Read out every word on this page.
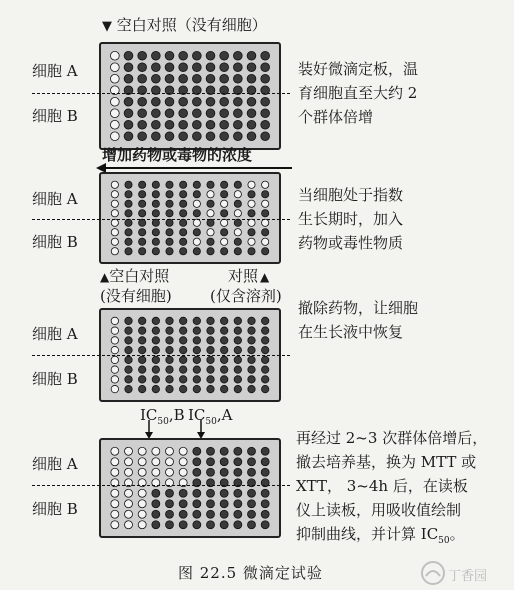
▼ 空白对照（没有细胞）
细胞 A
细胞 B
装好微滴定板，温
育细胞直至大约 2
个群体倍增
增加药物或毒物的浓度
细胞 A
细胞 B
当细胞处于指数
生长期时，加入
药物或毒性物质
▲空白对照
(没有细胞)
对照 ▲
(仅含溶剂)
细胞 A
细胞 B
撤除药物，让细胞
在生长液中恢复
$IC_{50},B$ $IC_{50},A$
细胞 A
细胞 B
再经过 2~3 次群体倍增后，
撤去培养基，换为 MTT 或
XTT， 3~4h 后，在读板
仪上读板，用吸收值绘制
抑制曲线，并计算 $IC_{50}$。
图 22.5 微滴定试验	丁香园
